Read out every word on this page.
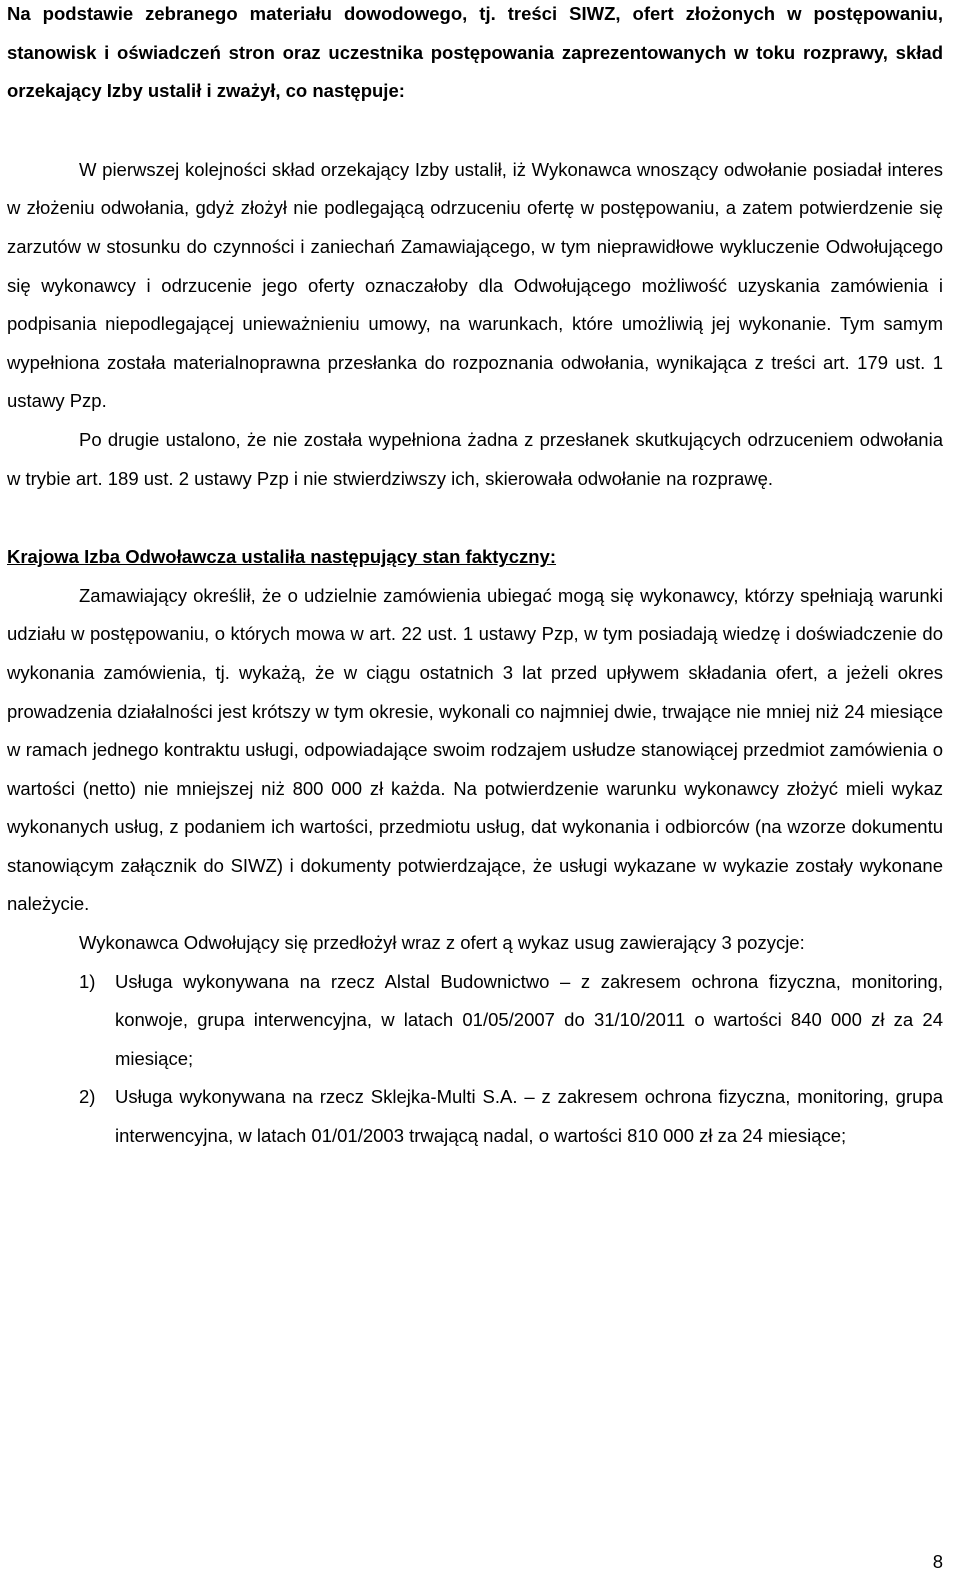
Na podstawie zebranego materiału dowodowego, tj. treści SIWZ, ofert złożonych w postępowaniu, stanowisk i oświadczeń stron oraz uczestnika postępowania zaprezentowanych w toku rozprawy, skład orzekający Izby ustalił i zważył, co następuje:

W pierwszej kolejności skład orzekający Izby ustalił, iż Wykonawca wnoszący odwołanie posiadał interes w złożeniu odwołania, gdyż złożył nie podlegającą odrzuceniu ofertę w postępowaniu, a zatem potwierdzenie się zarzutów w stosunku do czynności i zaniechań Zamawiającego, w tym nieprawidłowe wykluczenie Odwołującego się wykonawcy i odrzucenie jego oferty oznaczałoby dla Odwołującego możliwość uzyskania zamówienia i podpisania niepodlegającej unieważnieniu umowy, na warunkach, które umożliwią jej wykonanie. Tym samym wypełniona została materialnoprawna przesłanka do rozpoznania odwołania, wynikająca z treści art. 179 ust. 1 ustawy Pzp.

Po drugie ustalono, że nie została wypełniona żadna z przesłanek skutkujących odrzuceniem odwołania w trybie art. 189 ust. 2 ustawy Pzp i nie stwierdziwszy ich, skierowała odwołanie na rozprawę.

Krajowa Izba Odwoławcza ustaliła następujący stan faktyczny:

Zamawiający określił, że o udzielnie zamówienia ubiegać mogą się wykonawcy, którzy spełniają warunki udziału w postępowaniu, o których mowa w art. 22 ust. 1 ustawy Pzp, w tym posiadają wiedzę i doświadczenie do wykonania zamówienia, tj. wykażą, że w ciągu ostatnich 3 lat przed upływem składania ofert, a jeżeli okres prowadzenia działalności jest krótszy w tym okresie, wykonali co najmniej dwie, trwające nie mniej niż 24 miesiące w ramach jednego kontraktu usługi, odpowiadające swoim rodzajem usłudze stanowiącej przedmiot zamówienia o wartości (netto) nie mniejszej niż 800 000 zł każda. Na potwierdzenie warunku wykonawcy złożyć mieli wykaz wykonanych usług, z podaniem ich wartości, przedmiotu usług, dat wykonania i odbiorców (na wzorze dokumentu stanowiącym załącznik do SIWZ) i dokumenty potwierdzające, że usługi wykazane w wykazie zostały wykonane należycie.

Wykonawca Odwołujący się przedłożył wraz z ofert ą wykaz usug zawierający 3 pozycje:

1) Usługa wykonywana na rzecz Alstal Budownictwo – z zakresem ochrona fizyczna, monitoring, konwoje, grupa interwencyjna, w latach 01/05/2007 do 31/10/2011 o wartości 840 000 zł za 24 miesiące;
2) Usługa wykonywana na rzecz Sklejka-Multi S.A. – z zakresem ochrona fizyczna, monitoring, grupa interwencyjna, w latach 01/01/2003 trwającą nadal, o wartości 810 000 zł za 24 miesiące;
8
